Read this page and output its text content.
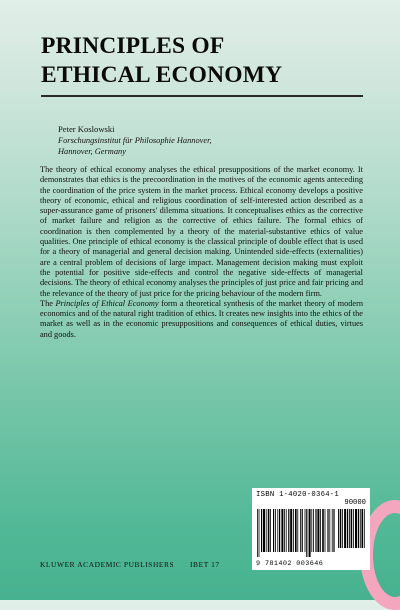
PRINCIPLES OF
ETHICAL ECONOMY
Peter Koslowski
Forschungsinstitut für Philosophie Hannover,
Hannover, Germany

The theory of ethical economy analyses the ethical presuppositions of the market economy. It demonstrates that ethics is the precoordination in the motives of the economic agents anteceding the coordination of the price system in the market process. Ethical economy develops a positive theory of economic, ethical and religious coordination of self-interested action described as a super-assurance game of prisoners' dilemma situations. It conceptualises ethics as the corrective of market failure and religion as the corrective of ethics failure. The formal ethics of coordination is then complemented by a theory of the material-substantive ethics of value qualities. One principle of ethical economy is the classical principle of double effect that is used for a theory of managerial and general decision making. Unintended side-effects (externalities) are a central problem of decisions of large impact. Management decision making must exploit the potential for positive side-effects and control the negative side-effects of managerial decisions. The theory of ethical economy analyses the principles of just price and fair pricing and the relevance of the theory of just price for the pricing behaviour of the modern firm.

The Principles of Ethical Economy form a theoretical synthesis of the market theory of modern economics and of the natural right tradition of ethics. It creates new insights into the ethics of the market as well as in the economic presuppositions and consequences of ethical duties, virtues and goods.

ISBN 1-4020-0364-1
90000
9 781402 003646
KLUWER ACADEMIC PUBLISHERS IBET 17
